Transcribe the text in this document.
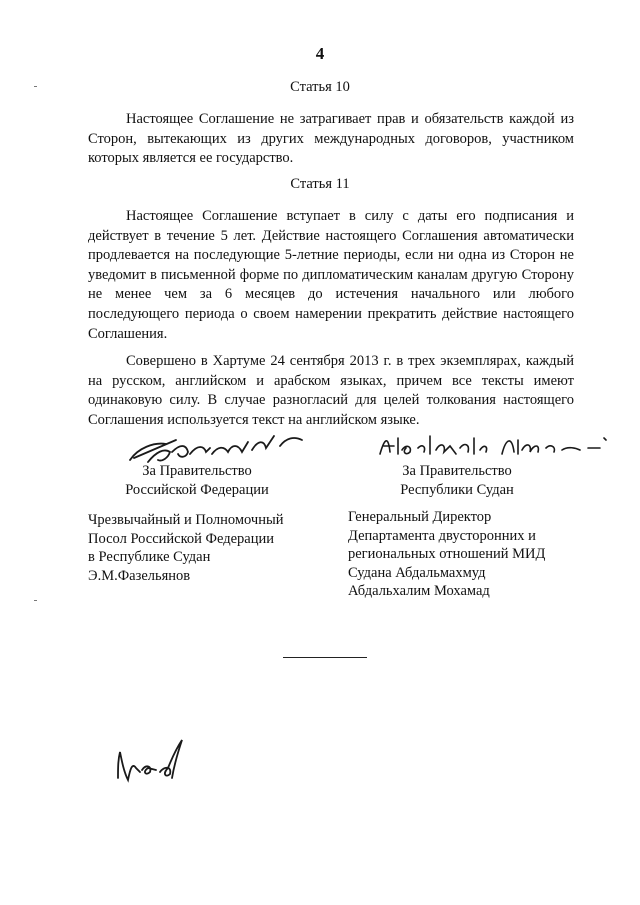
4
Статья 10

Настоящее Соглашение не затрагивает прав и обязательств каждой из Сторон, вытекающих из других международных договоров, участником которых является ее государство.

Статья 11

Настоящее Соглашение вступает в силу с даты его подписания и действует в течение 5 лет. Действие настоящего Соглашения автоматически продлевается на последующие 5-летние периоды, если ни одна из Сторон не уведомит в письменной форме по дипломатическим каналам другую Сторону не менее чем за 6 месяцев до истечения начального или любого последующего периода о своем намерении прекратить действие настоящего Соглашения.

Совершено в Хартуме 24 сентября 2013 г. в трех экземплярах, каждый на русском, английском и арабском языках, причем все тексты имеют одинаковую силу. В случае разногласий для целей толкования настоящего Соглашения используется текст на английском языке.

За Правительство
Российской Федерации
За Правительство
Республики Судан
Чрезвычайный и Полномочный
Посол Российской Федерации
в Республике Судан
Э.М.Фазельянов
Генеральный Директор
Департамента двусторонних и
региональных отношений МИД
Судана Абдальмахмуд
Абдальхалим Мохамад
